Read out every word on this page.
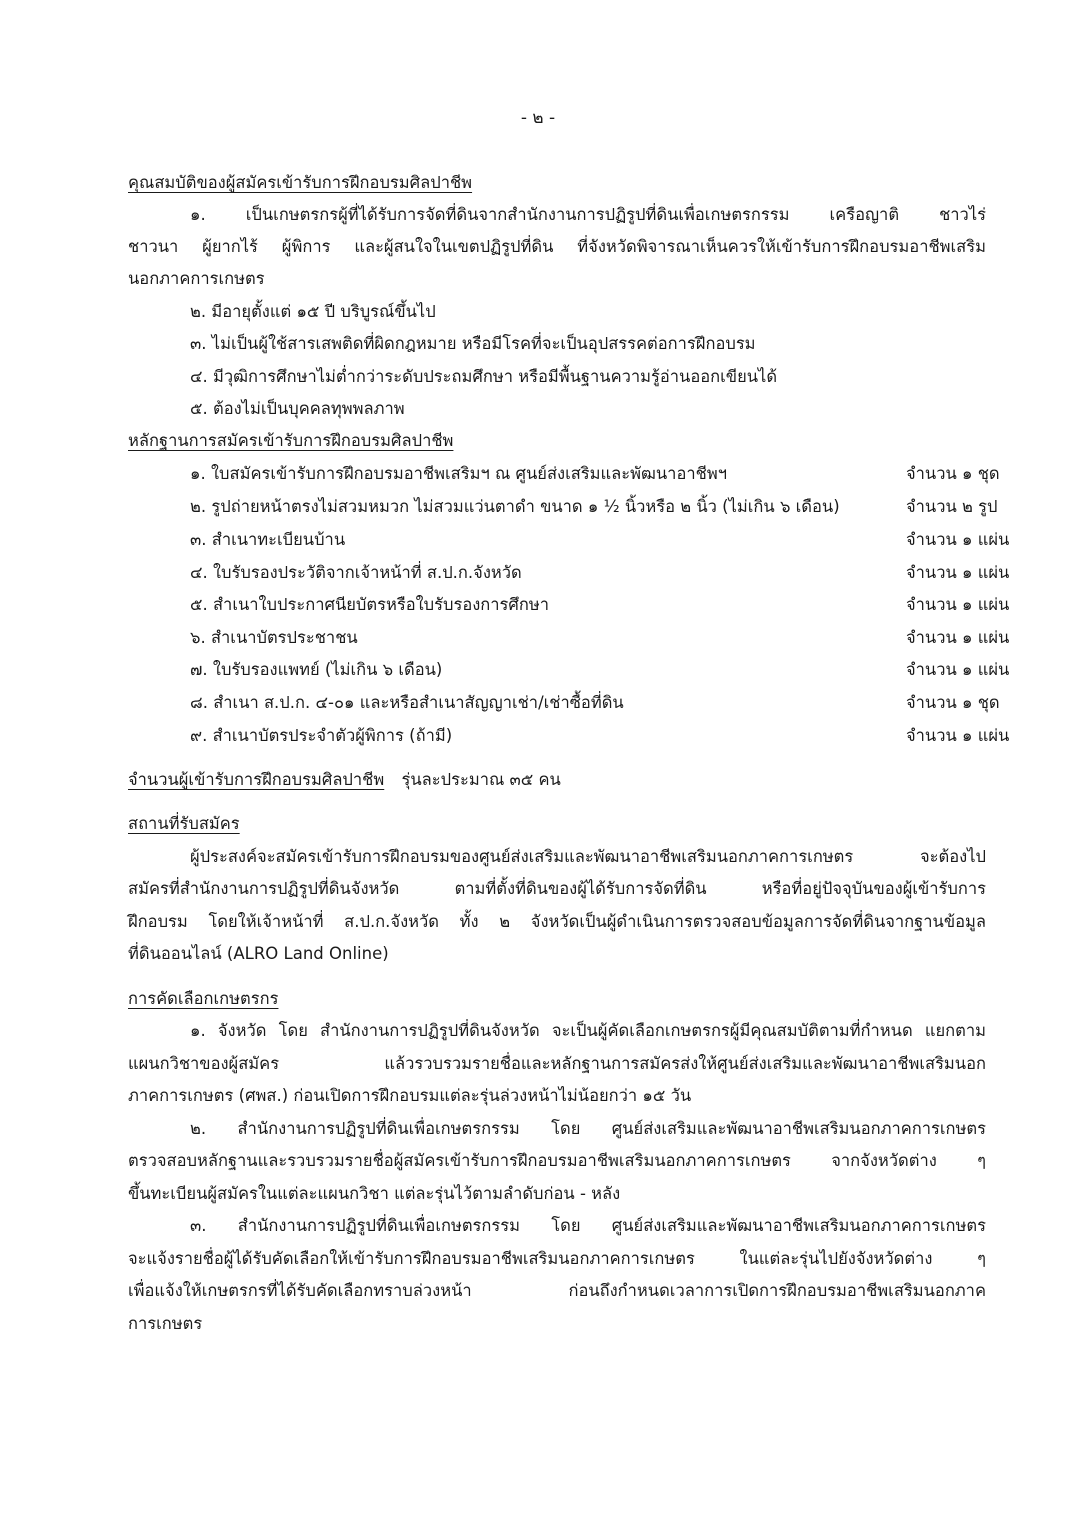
- ๒ -
คุณสมบัติของผู้สมัครเข้ารับการฝึกอบรมศิลปาชีพ
๑. เป็นเกษตรกรผู้ที่ได้รับการจัดที่ดินจากสำนักงานการปฏิรูปที่ดินเพื่อเกษตรกรรม เครือญาติ ชาวไร่
ชาวนา ผู้ยากไร้ ผู้พิการ และผู้สนใจในเขตปฏิรูปที่ดิน ที่จังหวัดพิจารณาเห็นควรให้เข้ารับการฝึกอบรมอาชีพเสริม
นอกภาคการเกษตร
๒. มีอายุตั้งแต่ ๑๕ ปี บริบูรณ์ขึ้นไป
๓. ไม่เป็นผู้ใช้สารเสพติดที่ผิดกฎหมาย หรือมีโรคที่จะเป็นอุปสรรคต่อการฝึกอบรม
๔. มีวุฒิการศึกษาไม่ต่ำกว่าระดับประถมศึกษา หรือมีพื้นฐานความรู้อ่านออกเขียนได้
๕. ต้องไม่เป็นบุคคลทุพพลภาพ
หลักฐานการสมัครเข้ารับการฝึกอบรมศิลปาชีพ
๑. ใบสมัครเข้ารับการฝึกอบรมอาชีพเสริมฯ ณ ศูนย์ส่งเสริมและพัฒนาอาชีพฯ	จำนวน ๑ ชุด
๒. รูปถ่ายหน้าตรงไม่สวมหมวก ไม่สวมแว่นตาดำ ขนาด ๑ ½ นิ้วหรือ ๒ นิ้ว (ไม่เกิน ๖ เดือน)	จำนวน ๒ รูป
๓. สำเนาทะเบียนบ้าน	จำนวน ๑ แผ่น
๔. ใบรับรองประวัติจากเจ้าหน้าที่ ส.ป.ก.จังหวัด	จำนวน ๑ แผ่น
๕. สำเนาใบประกาศนียบัตรหรือใบรับรองการศึกษา	จำนวน ๑ แผ่น
๖. สำเนาบัตรประชาชน	จำนวน ๑ แผ่น
๗. ใบรับรองแพทย์ (ไม่เกิน ๖ เดือน)	จำนวน ๑ แผ่น
๘. สำเนา ส.ป.ก. ๔-๐๑ และหรือสำเนาสัญญาเช่า/เช่าซื้อที่ดิน	จำนวน ๑ ชุด
๙. สำเนาบัตรประจำตัวผู้พิการ (ถ้ามี)	จำนวน ๑ แผ่น
จำนวนผู้เข้ารับการฝึกอบรมศิลปาชีพ รุ่นละประมาณ ๓๕ คน
สถานที่รับสมัคร
ผู้ประสงค์จะสมัครเข้ารับการฝึกอบรมของศูนย์ส่งเสริมและพัฒนาอาชีพเสริมนอกภาคการเกษตร จะต้องไป
สมัครที่สำนักงานการปฏิรูปที่ดินจังหวัด ตามที่ตั้งที่ดินของผู้ได้รับการจัดที่ดิน หรือที่อยู่ปัจจุบันของผู้เข้ารับการ
ฝึกอบรม โดยให้เจ้าหน้าที่ ส.ป.ก.จังหวัด ทั้ง ๒ จังหวัดเป็นผู้ดำเนินการตรวจสอบข้อมูลการจัดที่ดินจากฐานข้อมูล
ที่ดินออนไลน์ (ALRO Land Online)
การคัดเลือกเกษตรกร
๑. จังหวัด โดย สำนักงานการปฏิรูปที่ดินจังหวัด จะเป็นผู้คัดเลือกเกษตรกรผู้มีคุณสมบัติตามที่กำหนด แยกตาม
แผนกวิชาของผู้สมัคร แล้วรวบรวมรายชื่อและหลักฐานการสมัครส่งให้ศูนย์ส่งเสริมและพัฒนาอาชีพเสริมนอก
ภาคการเกษตร (ศพส.) ก่อนเปิดการฝึกอบรมแต่ละรุ่นล่วงหน้าไม่น้อยกว่า ๑๕ วัน
๒. สำนักงานการปฏิรูปที่ดินเพื่อเกษตรกรรม โดย ศูนย์ส่งเสริมและพัฒนาอาชีพเสริมนอกภาคการเกษตร
ตรวจสอบหลักฐานและรวบรวมรายชื่อผู้สมัครเข้ารับการฝึกอบรมอาชีพเสริมนอกภาคการเกษตร จากจังหวัดต่าง ๆ
ขึ้นทะเบียนผู้สมัครในแต่ละแผนกวิชา แต่ละรุ่นไว้ตามลำดับก่อน - หลัง
๓. สำนักงานการปฏิรูปที่ดินเพื่อเกษตรกรรม โดย ศูนย์ส่งเสริมและพัฒนาอาชีพเสริมนอกภาคการเกษตร
จะแจ้งรายชื่อผู้ได้รับคัดเลือกให้เข้ารับการฝึกอบรมอาชีพเสริมนอกภาคการเกษตร ในแต่ละรุ่นไปยังจังหวัดต่าง ๆ
เพื่อแจ้งให้เกษตรกรที่ได้รับคัดเลือกทราบล่วงหน้า ก่อนถึงกำหนดเวลาการเปิดการฝึกอบรมอาชีพเสริมนอกภาค
การเกษตร
